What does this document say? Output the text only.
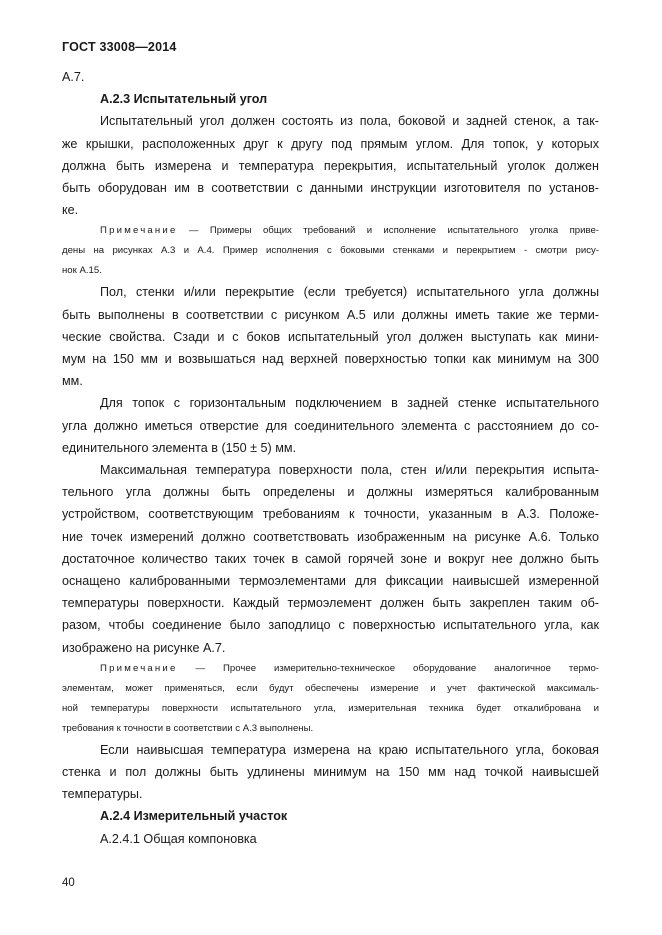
ГОСТ 33008—2014
А.7.
А.2.3 Испытательный угол
Испытательный угол должен состоять из пола, боковой и задней стенок, а так-
же крышки, расположенных друг к другу под прямым углом. Для топок, у которых
должна быть измерена и температура перекрытия, испытательный уголок должен
быть оборудован им в соответствии с данными инструкции изготовителя по установ-
ке.
Примечание — Примеры общих требований и исполнение испытательного уголка приве-
дены на рисунках А.3 и А.4. Пример исполнения с боковыми стенками и перекрытием - смотри рису-
нок А.15.
Пол, стенки и/или перекрытие (если требуется) испытательного угла должны
быть выполнены в соответствии с рисунком А.5 или должны иметь такие же терми-
ческие свойства. Сзади и с боков испытательный угол должен выступать как мини-
мум на 150 мм и возвышаться над верхней поверхностью топки как минимум на 300
мм.
Для топок с горизонтальным подключением в задней стенке испытательного
угла должно иметься отверстие для соединительного элемента с расстоянием до со-
единительного элемента в (150 ± 5) мм.
Максимальная температура поверхности пола, стен и/или перекрытия испыта-
тельного угла должны быть определены и должны измеряться калиброванным
устройством, соответствующим требованиям к точности, указанным в А.3. Положе-
ние точек измерений должно соответствовать изображенным на рисунке А.6. Только
достаточное количество таких точек в самой горячей зоне и вокруг нее должно быть
оснащено калиброванными термоэлементами для фиксации наивысшей измеренной
температуры поверхности. Каждый термоэлемент должен быть закреплен таким об-
разом, чтобы соединение было заподлицо с поверхностью испытательного угла, как
изображено на рисунке А.7.
Примечание — Прочее измерительно-техническое оборудование аналогичное термо-
элементам, может применяться, если будут обеспечены измерение и учет фактической максималь-
ной температуры поверхности испытательного угла, измерительная техника будет откалибрована и
требования к точности в соответствии с А.3 выполнены.
Если наивысшая температура измерена на краю испытательного угла, боковая
стенка и пол должны быть удлинены минимум на 150 мм над точкой наивысшей
температуры.
А.2.4 Измерительный участок
А.2.4.1 Общая компоновка
40
